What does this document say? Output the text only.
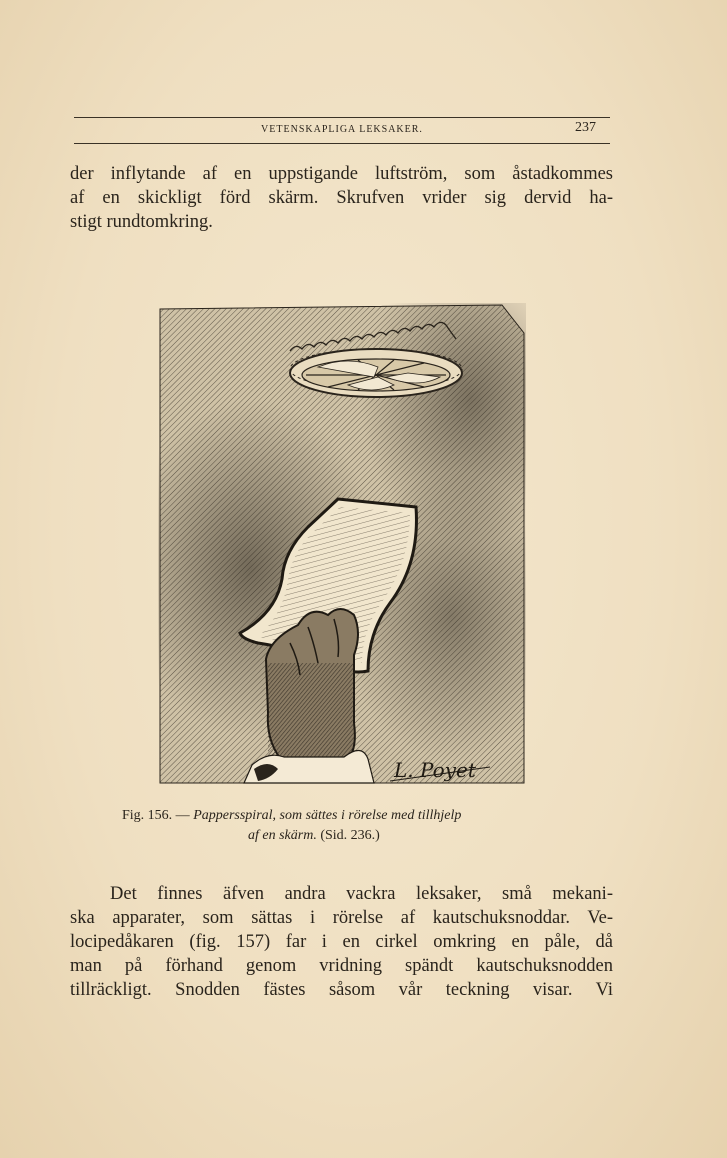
VETENSKAPLIGA LEKSAKER.	237
der inflytande af en uppstigande luftström, som åstadkommes
af en skickligt förd skärm. Skrufven vrider sig dervid ha-
stigt rundtomkring.
L. Poyet
Fig. 156. — Pappersspiral, som sättes i rörelse med tillhjelp
af en skärm. (Sid. 236.)
Det finnes äfven andra vackra leksaker, små mekani-
ska apparater, som sättas i rörelse af kautschuksnoddar. Ve-
locipedåkaren (fig. 157) far i en cirkel omkring en påle, då
man på förhand genom vridning spändt kautschuksnodden
tillräckligt. Snodden fästes såsom vår teckning visar. Vi
